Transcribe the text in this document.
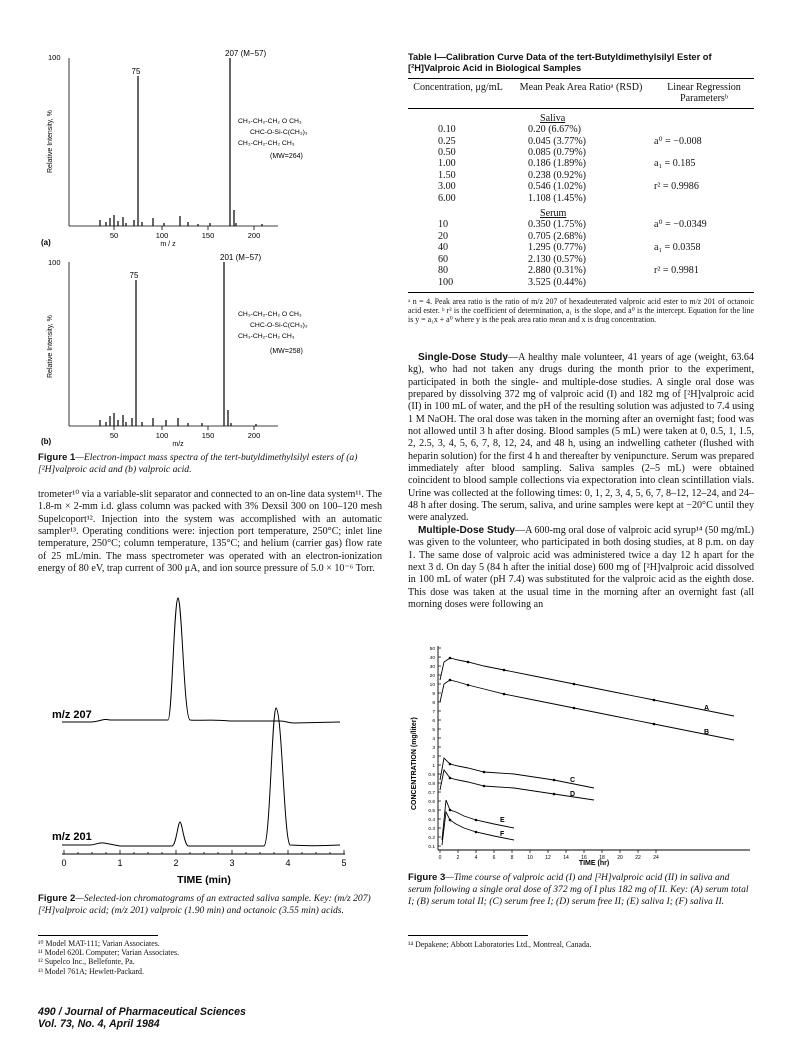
100
Relative Intensity, %
50	100	150	200
m / z
(a)
75
207 (M−57)
CH₃-CH₂-CH₂ O CH₃
CHC-O-Si-C(CH₃)₃
CH₃-CH₂-CH₂ CH₃
(MW=264)
100
Relative Intensity, %
50	100	150	200
m/z
(b)
75
201 (M−57)
CH₃-CH₂-CH₂ O CH₃
CHC-O-Si-C(CH₃)₃
CH₃-CH₂-CH₂ CH₃
(MW=258)
Figure 1—Electron-impact mass spectra of the tert-butyldimethylsilyl esters of (a) [²H]valproic acid and (b) valproic acid.

trometer¹⁰ via a variable-slit separator and connected to an on-line data system¹¹. The 1.8-m × 2-mm i.d. glass column was packed with 3% Dexsil 300 on 100–120 mesh Supelcoport¹². Injection into the system was accomplished with an automatic sampler¹³. Operating conditions were: injection port temperature, 250°C; inlet line temperature, 250°C; column temperature, 135°C; and helium (carrier gas) flow rate of 25 mL/min. The mass spectrometer was operated with an electron-ionization energy of 80 eV, trap current of 300 μA, and ion source pressure of 5.0 × 10⁻⁶ Torr.

m/z 207
m/z 201
0	1	2	3	4	5
TIME (min)
Figure 2—Selected-ion chromatograms of an extracted saliva sample. Key: (m/z 207) [²H]valproic acid; (m/z 201) valproic (1.90 min) and octanoic (3.55 min) acids.
¹⁰ Model MAT-111; Varian Associates.
¹¹ Model 620L Computer; Varian Associates.
¹² Supelco Inc., Bellefonte, Pa.
¹³ Model 761A; Hewlett-Packard.
490 / Journal of Pharmaceutical Sciences
Vol. 73, No. 4, April 1984
Table I—Calibration Curve Data of the tert-Butyldimethylsilyl Ester of [²H]Valproic Acid in Biological Samples
Concentration, μg/mL	Mean Peak Area Ratioᵃ (RSD)	Linear Regression Parametersᵇ
Saliva
0.10	0.20 (6.67%)
0.25	0.045 (3.77%)	a⁰ = −0.008
0.50	0.085 (0.79%)
1.00	0.186 (1.89%)	a₁ = 0.185
1.50	0.238 (0.92%)
3.00	0.546 (1.02%)	r² = 0.9986
6.00	1.108 (1.45%)
Serum
10	0.350 (1.75%)	a⁰ = −0.0349
20	0.705 (2.68%)
40	1.295 (0.77%)	a₁ = 0.0358
60	2.130 (0.57%)
80	2.880 (0.31%)	r² = 0.9981
100	3.525 (0.44%)
ᵃ n = 4. Peak area ratio is the ratio of m/z 207 of hexadeuterated valproic acid ester to m/z 201 of octanoic acid ester. ᵇ r² is the coefficient of determination, a₁ is the slope, and a⁰ is the intercept. Equation for the line is y = a₁x + a⁰ where y is the peak area ratio mean and x is drug concentration.

Single-Dose Study—A healthy male volunteer, 41 years of age (weight, 63.64 kg), who had not taken any drugs during the month prior to the experiment, participated in both the single- and multiple-dose studies. A single oral dose was prepared by dissolving 372 mg of valproic acid (I) and 182 mg of [²H]valproic acid (II) in 100 mL of water, and the pH of the resulting solution was adjusted to 7.4 using 1 M NaOH. The oral dose was taken in the morning after an overnight fast; food was not allowed until 3 h after dosing. Blood samples (5 mL) were taken at 0, 0.5, 1, 1.5, 2, 2.5, 3, 4, 5, 6, 7, 8, 12, 24, and 48 h, using an indwelling catheter (flushed with heparin solution) for the first 4 h and thereafter by venipuncture. Serum was prepared immediately after blood sampling. Saliva samples (2–5 mL) were obtained coincident to blood sample collections via expectoration into clean scintillation vials. Urine was collected at the following times: 0, 1, 2, 3, 4, 5, 6, 7, 8–12, 12–24, and 24–48 h after dosing. The serum, saliva, and urine samples were kept at −20°C until they were analyzed.

Multiple-Dose Study—A 600-mg oral dose of valproic acid syrup¹⁴ (50 mg/mL) was given to the volunteer, who participated in both dosing studies, at 8 p.m. on day 1. The same dose of valproic acid was administered twice a day 12 h apart for the next 3 d. On day 5 (84 h after the initial dose) 600 mg of [²H]valproic acid dissolved in 100 mL of water (pH 7.4) was substituted for the valproic acid as the eighth dose. This dose was taken at the usual time in the morning after an overnight fast (all morning doses were following an

CONCENTRATION (mg/liter)
50
40
30
20
10
9
8
7
6
5
4
3
2
1
0.9
0.8
0.7
0.6
0.5
0.4
0.3
0.2
0.1
0	2	4	6	8	10 12 14 16 18 20 22 24
A
B
C
D
E
F
TIME (hr)
Figure 3—Time course of valproic acid (I) and [²H]valproic acid (II) in saliva and serum following a single oral dose of 372 mg of I plus 182 mg of II. Key: (A) serum total I; (B) serum total II; (C) serum free I; (D) serum free II; (E) saliva I; (F) saliva II.
¹⁴ Depakene; Abbott Laboratories Ltd., Montreal, Canada.
